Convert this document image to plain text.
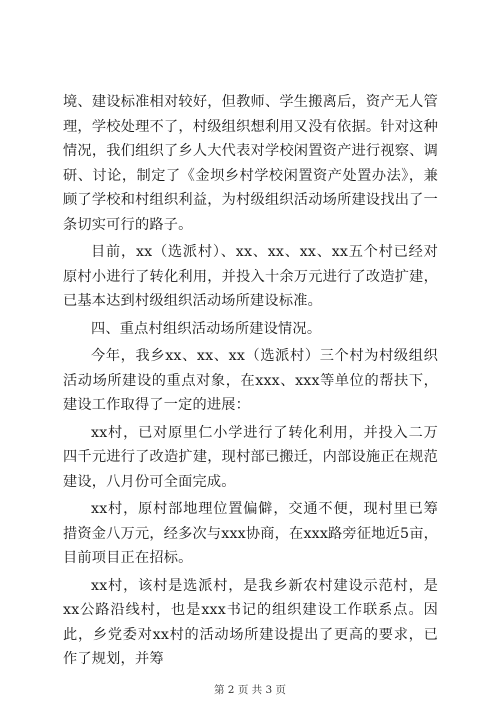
境、建设标准相对较好，但教师、学生搬离后，资产无人管理，学校处理不了，村级组织想利用又没有依据。针对这种情况，我们组织了乡人大代表对学校闲置资产进行视察、调研、讨论，制定了《金坝乡村学校闲置资产处置办法》，兼顾了学校和村组织利益，为村级组织活动场所建设找出了一条切实可行的路子。

目前，xx（选派村）、xx、xx、xx、xx五个村已经对原村小进行了转化利用，并投入十余万元进行了改造扩建，已基本达到村级组织活动场所建设标准。

四、重点村组织活动场所建设情况。

今年，我乡xx、xx、xx（选派村）三个村为村级组织活动场所建设的重点对象，在xxx、xxx等单位的帮扶下，建设工作取得了一定的进展：

xx村，已对原里仁小学进行了转化利用，并投入二万四千元进行了改造扩建，现村部已搬迁，内部设施正在规范建设，八月份可全面完成。

xx村，原村部地理位置偏僻，交通不便，现村里已筹措资金八万元，经多次与xxx协商，在xxx路旁征地近5亩，目前项目正在招标。

xx村，该村是选派村，是我乡新农村建设示范村，是xx公路沿线村，也是xxx书记的组织建设工作联系点。因此，乡党委对xx村的活动场所建设提出了更高的要求，已作了规划，并筹

第 2 页 共 3 页
